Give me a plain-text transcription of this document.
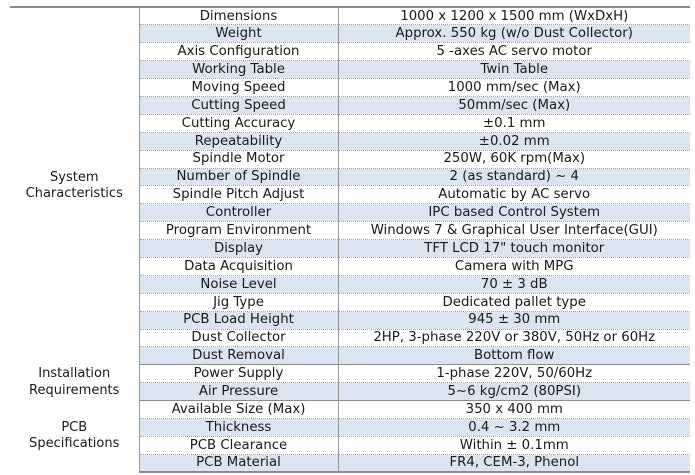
System
Characteristics	Dimensions	1000 x 1200 x 1500 mm (WxDxH)
	Weight	Approx. 550 kg (w/o Dust Collector)
	Axis Configuration	5 -axes AC servo motor
	Working Table	Twin Table
	Moving Speed	1000 mm/sec (Max)
	Cutting Speed	50mm/sec (Max)
	Cutting Accuracy	±0.1 mm
	Repeatability	±0.02 mm
	Spindle Motor	250W, 60K rpm(Max)
	Number of Spindle	2 (as standard) ~ 4
	Spindle Pitch Adjust	Automatic by AC servo
	Controller	IPC based Control System
	Program Environment	Windows 7 & Graphical User Interface(GUI)
	Display	TFT LCD 17" touch monitor
	Data Acquisition	Camera with MPG
	Noise Level	70 ± 3 dB
	Jig Type	Dedicated pallet type
	PCB Load Height	945 ± 30 mm
	Dust Collector	2HP, 3-phase 220V or 380V, 50Hz or 60Hz
	Dust Removal	Bottom flow

Installation
Requirements	Power Supply	1-phase 220V, 50/60Hz
	Air Pressure	5~6 kg/cm2 (80PSI)

PCB
Specifications	Available Size (Max)	350 x 400 mm
	Thickness	0.4 ~ 3.2 mm
	PCB Clearance	Within ± 0.1mm
	PCB Material	FR4, CEM-3, Phenol
